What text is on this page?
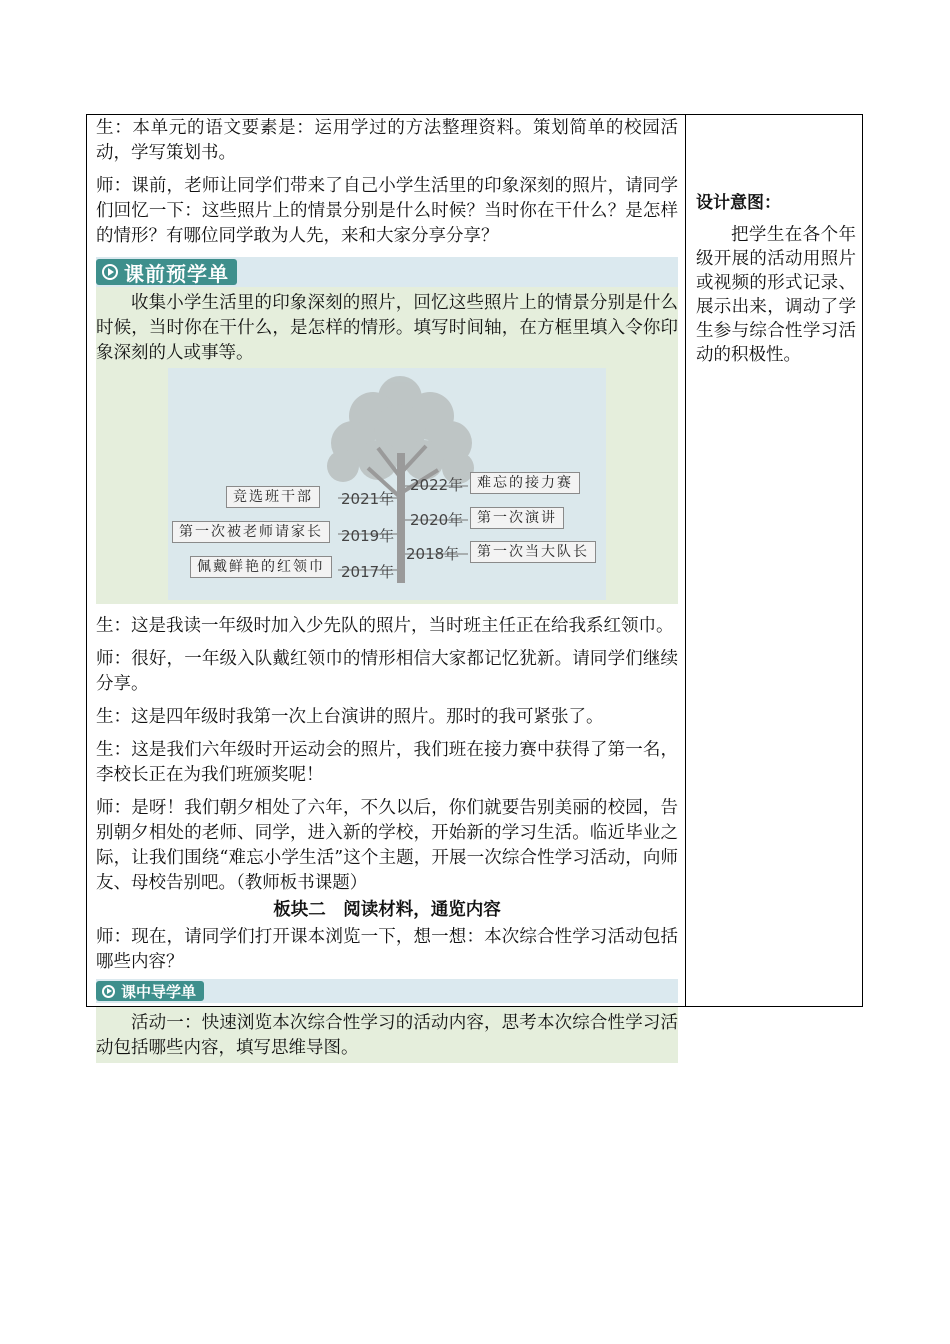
生：本单元的语文要素是：运用学过的方法整理资料。策划简单的校园活动，学写策划书。

师：课前，老师让同学们带来了自己小学生活里的印象深刻的照片，请同学们回忆一下：这些照片上的情景分别是什么时候？当时你在干什么？是怎样的情形？有哪位同学敢为人先，来和大家分享分享？

课前预学单

收集小学生活里的印象深刻的照片，回忆这些照片上的情景分别是什么时候，当时你在干什么，是怎样的情形。填写时间轴，在方框里填入令你印象深刻的人或事等。

2022年 难忘的接力赛
2021年
竞选班干部
2020年 第一次演讲
2019年
第一次被老师请家长
2018年	第一次当大队长
2017年
佩戴鲜艳的红领巾

生：这是我读一年级时加入少先队的照片，当时班主任正在给我系红领巾。

师：很好，一年级入队戴红领巾的情形相信大家都记忆犹新。请同学们继续分享。

生：这是四年级时我第一次上台演讲的照片。那时的我可紧张了。

生：这是我们六年级时开运动会的照片，我们班在接力赛中获得了第一名，李校长正在为我们班颁奖呢！

师：是呀！我们朝夕相处了六年，不久以后，你们就要告别美丽的校园，告别朝夕相处的老师、同学，进入新的学校，开始新的学习生活。临近毕业之际，让我们围绕“难忘小学生活”这个主题，开展一次综合性学习活动，向师友、母校告别吧。（教师板书课题）

板块二　阅读材料，通览内容

师：现在，请同学们打开课本浏览一下，想一想：本次综合性学习活动包括哪些内容？

课中导学单

活动一：快速浏览本次综合性学习的活动内容，思考本次综合性学习活动包括哪些内容，填写思维导图。

设计意图：

把学生在各个年级开展的活动用照片或视频的形式记录、展示出来，调动了学生参与综合性学习活动的积极性。
